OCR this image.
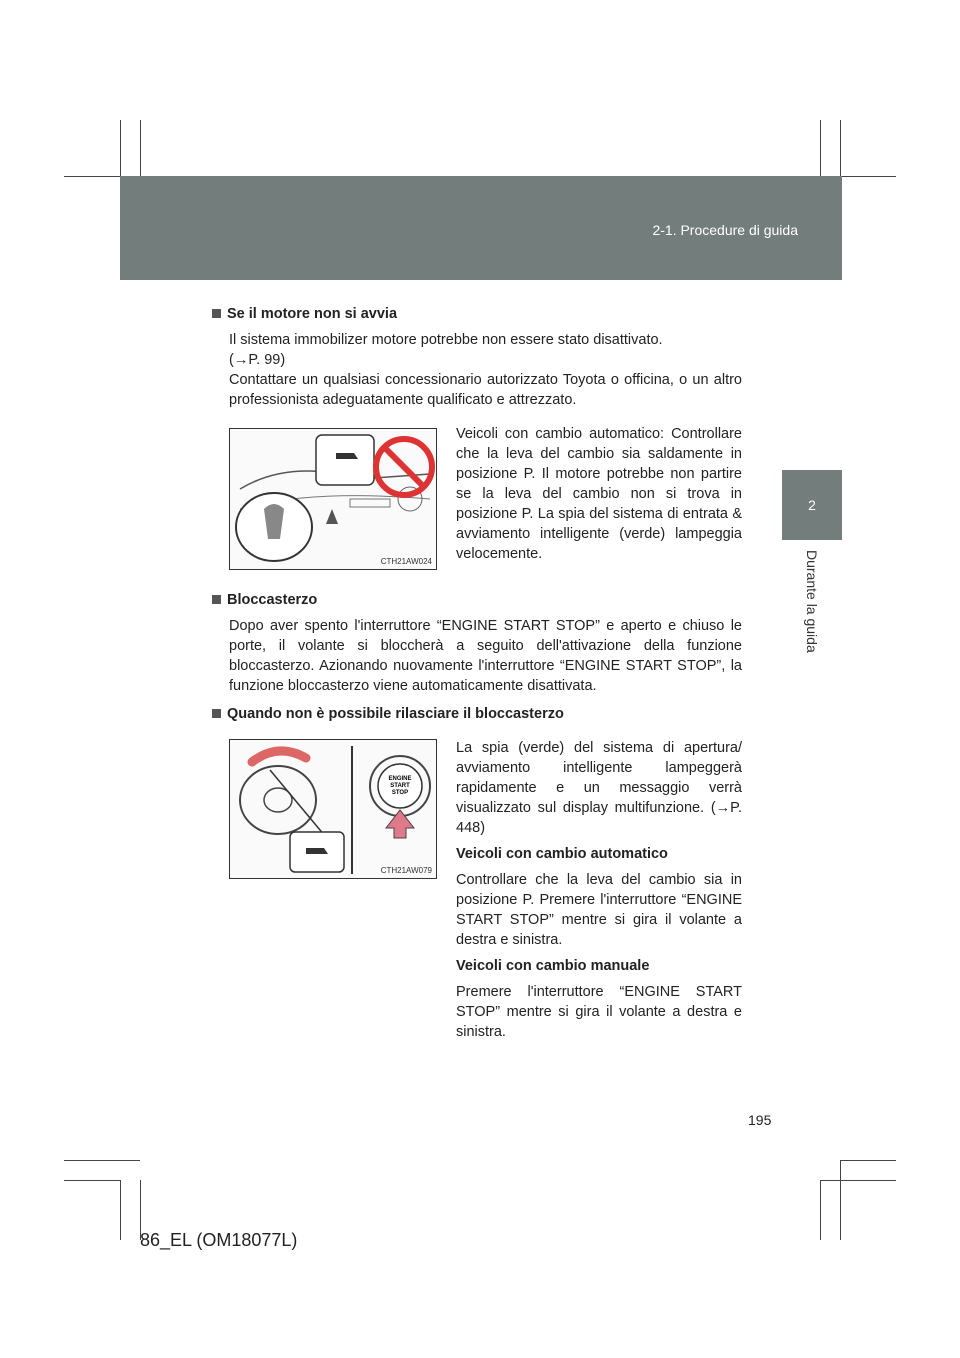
2-1. Procedure di guida
2
Durante la guida
Se il motore non si avvia
Il sistema immobilizer motore potrebbe non essere stato disattivato.
(→P. 99)
Contattare un qualsiasi concessionario autorizzato Toyota o officina, o un altro professionista adeguatamente qualificato e attrezzato.
CTH21AW024
Veicoli con cambio automatico: Controllare che la leva del cambio sia saldamente in posizione P. Il motore potrebbe non partire se la leva del cambio non si trova in posizione P. La spia del sistema di entrata & avviamento intelligente (verde) lampeggia velocemente.
Bloccasterzo
Dopo aver spento l'interruttore “ENGINE START STOP” e aperto e chiuso le porte, il volante si bloccherà a seguito dell'attivazione della funzione bloccasterzo. Azionando nuovamente l'interruttore “ENGINE START STOP”, la funzione bloccasterzo viene automaticamente disattivata.
Quando non è possibile rilasciare il bloccasterzo
ENGINE
START
STOP
CTH21AW079
La spia (verde) del sistema di apertura/ avviamento intelligente lampeggerà rapidamente e un messaggio verrà visualizzato sul display multifunzione. (→P. 448)
Veicoli con cambio automatico
Controllare che la leva del cambio sia in posizione P. Premere l'interruttore “ENGINE START STOP” mentre si gira il volante a destra e sinistra.
Veicoli con cambio manuale
Premere l'interruttore “ENGINE START STOP” mentre si gira il volante a destra e sinistra.
195
86_EL (OM18077L)
